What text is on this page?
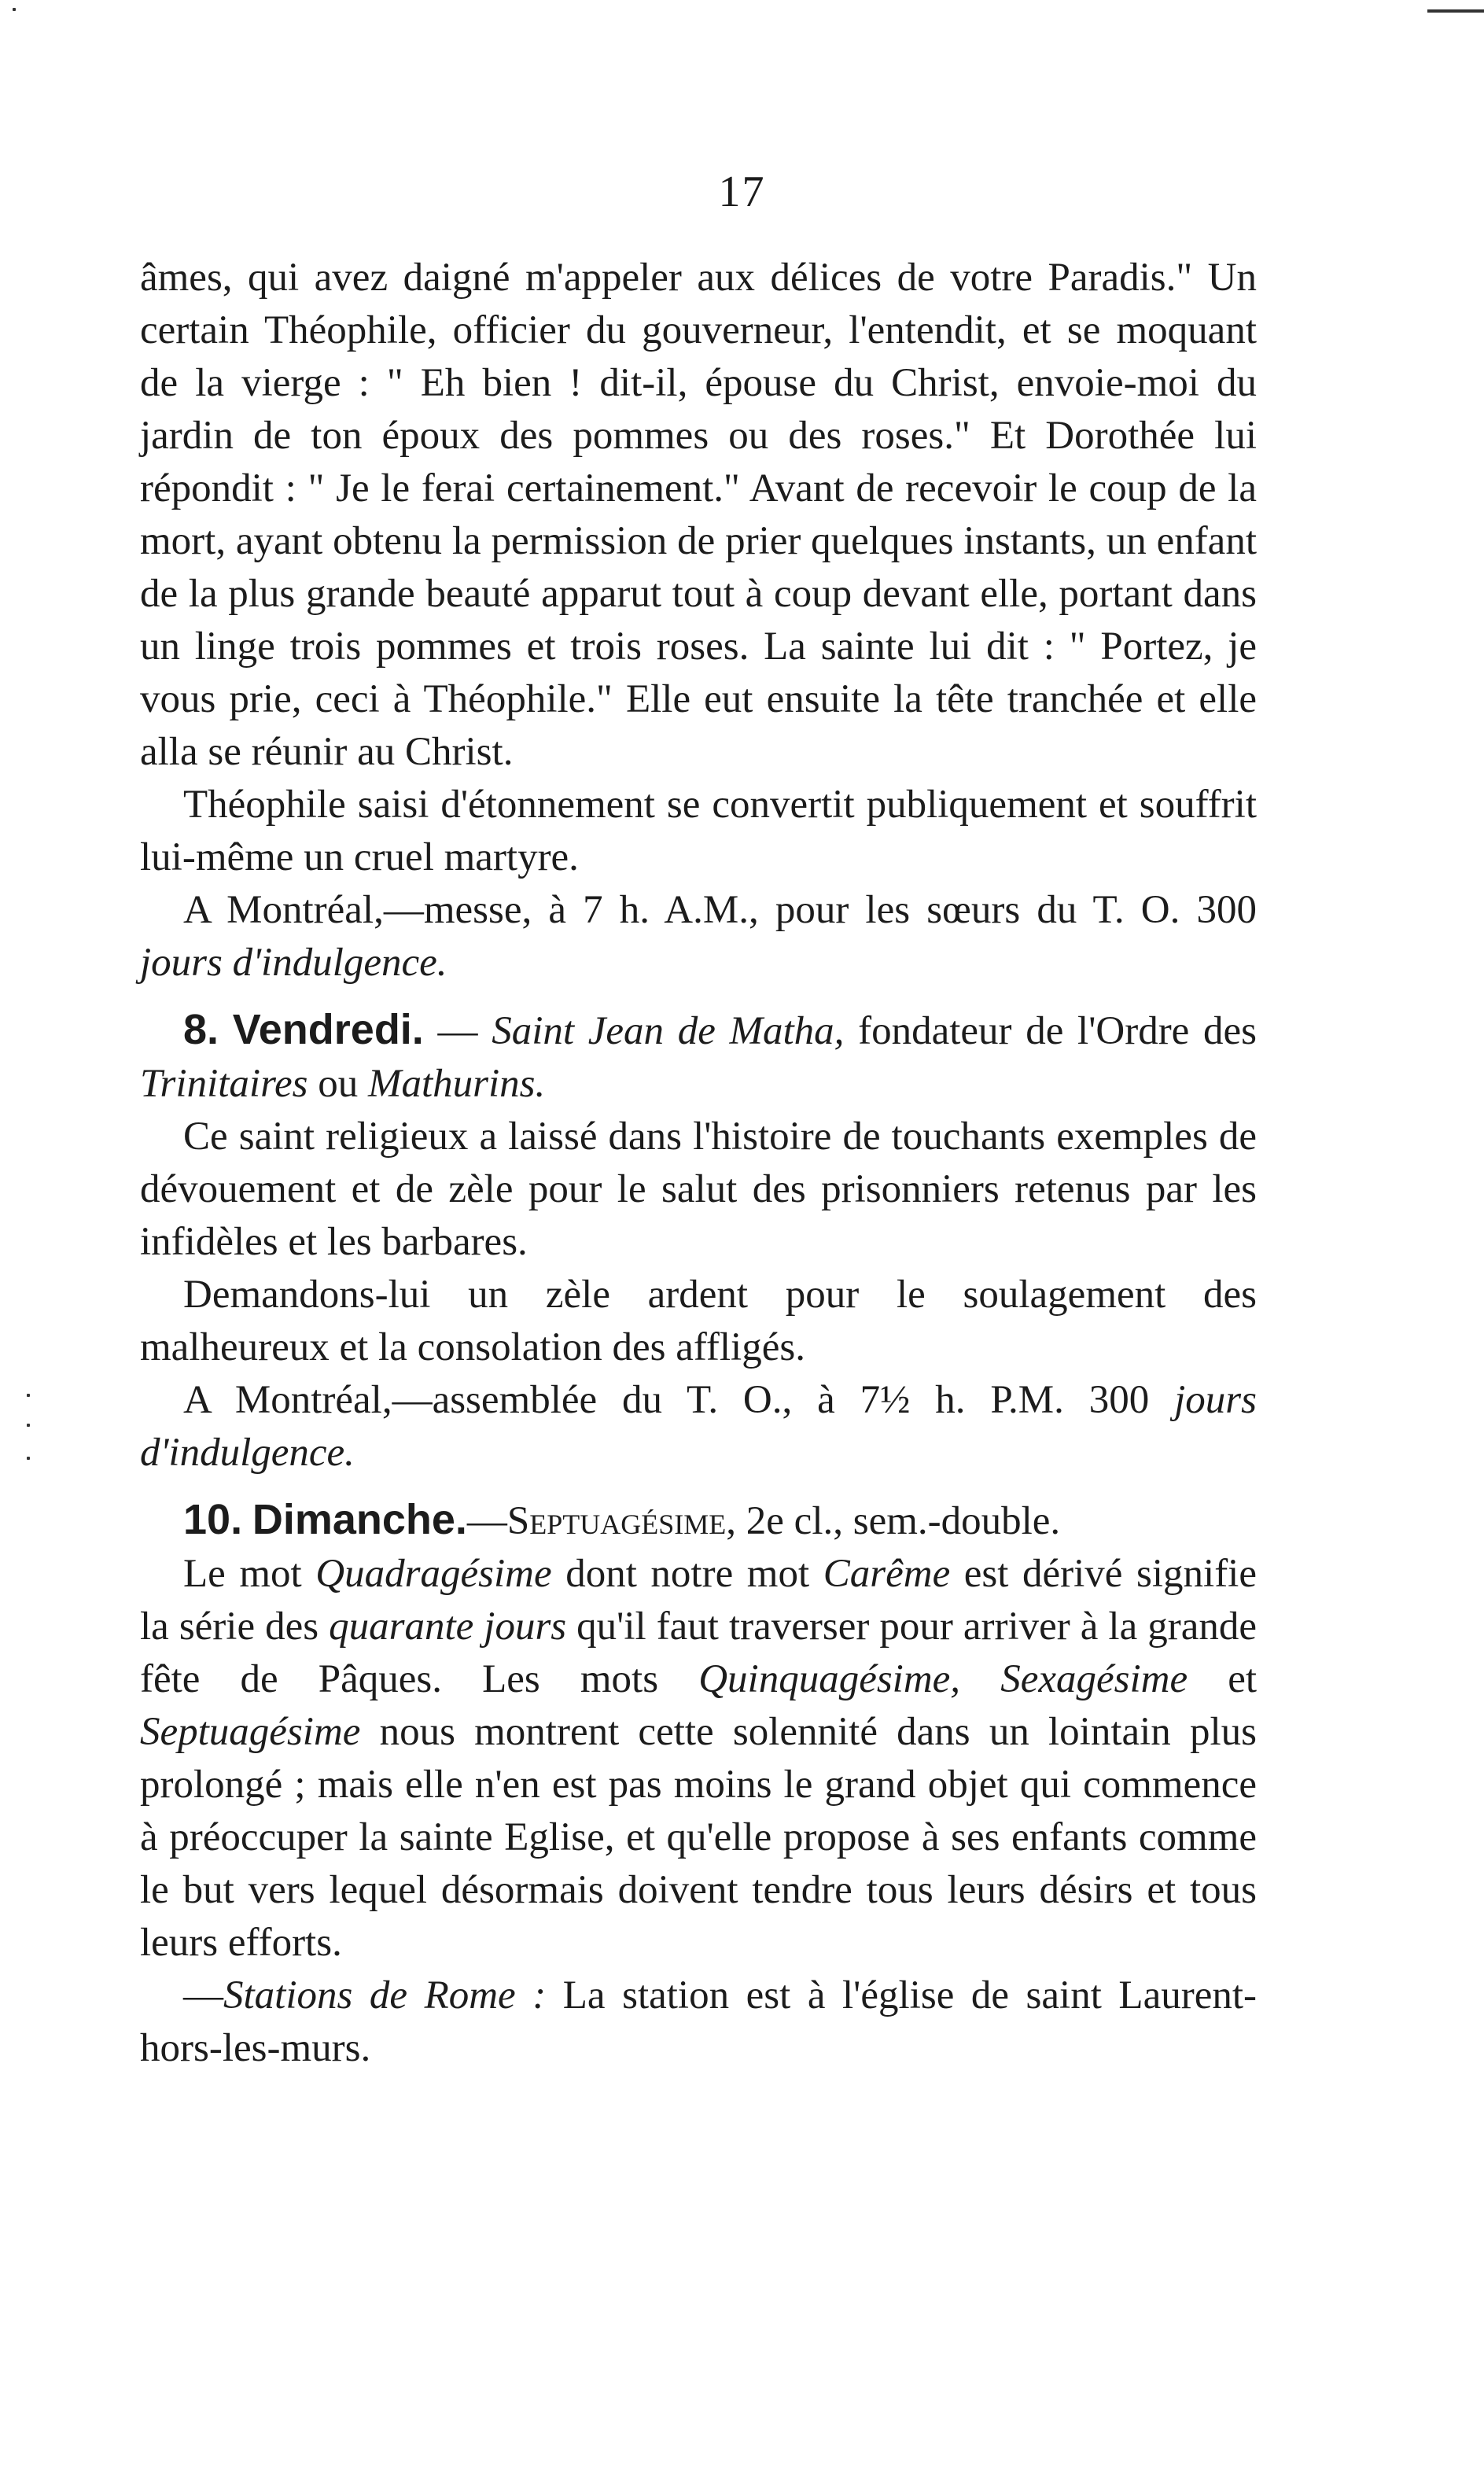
17

âmes, qui avez daigné m'appeler aux délices de votre Paradis." Un certain Théophile, officier du gouverneur, l'entendit, et se moquant de la vierge : " Eh bien ! dit-il, épouse du Christ, envoie-moi du jardin de ton époux des pommes ou des roses." Et Dorothée lui répondit : " Je le ferai certainement." Avant de recevoir le coup de la mort, ayant obtenu la permission de prier quelques instants, un enfant de la plus grande beauté apparut tout à coup devant elle, portant dans un linge trois pommes et trois roses. La sainte lui dit : " Portez, je vous prie, ceci à Théophile." Elle eut ensuite la tête tranchée et elle alla se réunir au Christ.

Théophile saisi d'étonnement se convertit publiquement et souffrit lui-même un cruel martyre.

A Montréal,—messe, à 7 h. A.M., pour les sœurs du T. O. 300 jours d'indulgence.

8. Vendredi. — Saint Jean de Matha, fondateur de l'Ordre des Trinitaires ou Mathurins.

Ce saint religieux a laissé dans l'histoire de touchants exemples de dévouement et de zèle pour le salut des prisonniers retenus par les infidèles et les barbares.

Demandons-lui un zèle ardent pour le soulagement des malheureux et la consolation des affligés.

A Montréal,—assemblée du T. O., à 7½ h. P.M. 300 jours d'indulgence.

10. Dimanche.—Septuagésime, 2e cl., sem.-double.

Le mot Quadragésime dont notre mot Carême est dérivé signifie la série des quarante jours qu'il faut traverser pour arriver à la grande fête de Pâques. Les mots Quinquagésime, Sexagésime et Septuagésime nous montrent cette solennité dans un lointain plus prolongé ; mais elle n'en est pas moins le grand objet qui commence à préoccuper la sainte Eglise, et qu'elle propose à ses enfants comme le but vers lequel désormais doivent tendre tous leurs désirs et tous leurs efforts.

—Stations de Rome : La station est à l'église de saint Laurent-hors-les-murs.
